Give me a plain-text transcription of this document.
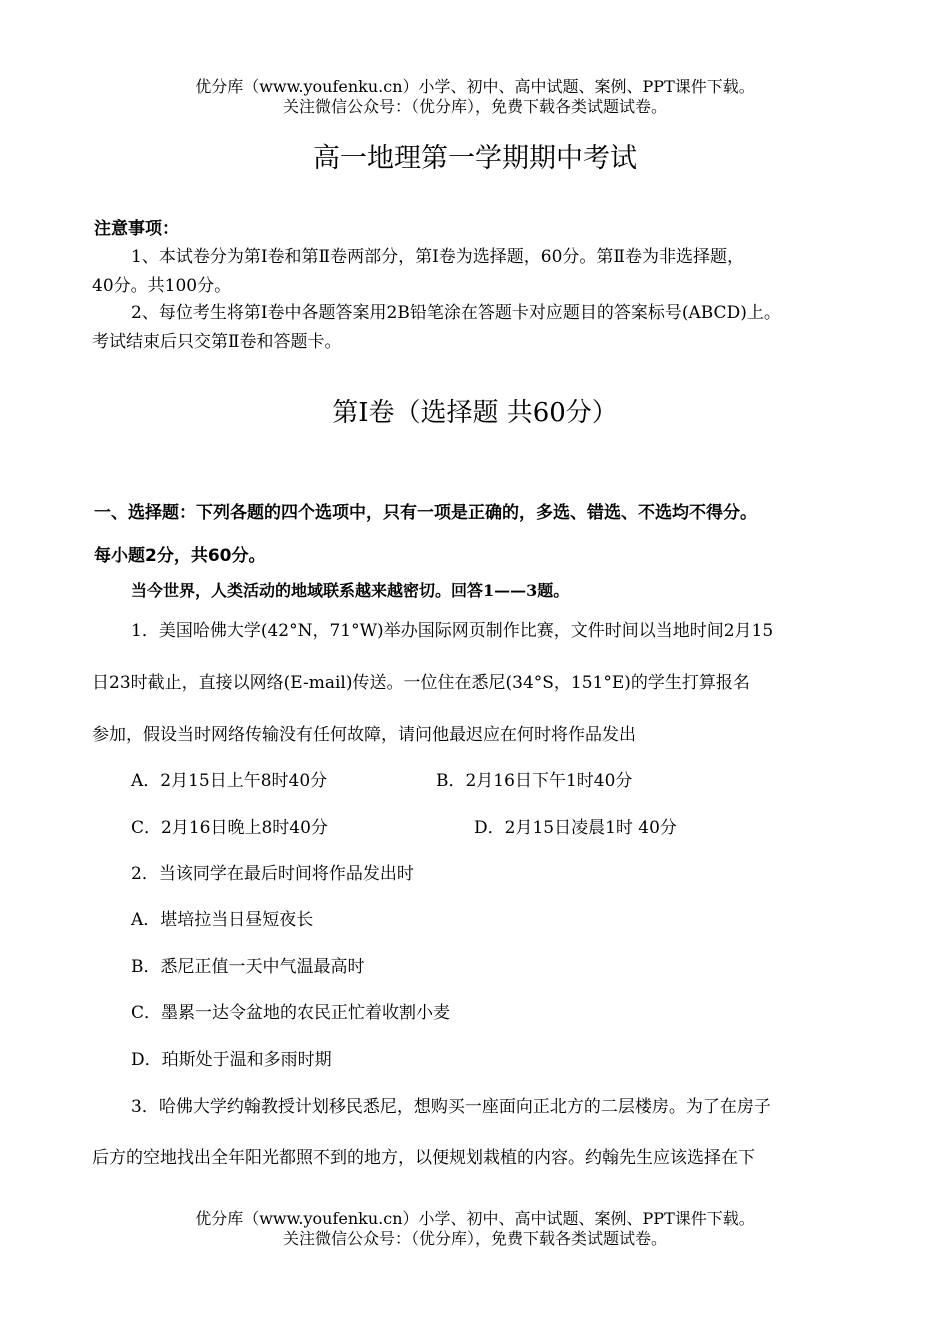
优分库（www.youfenku.cn）小学、初中、高中试题、案例、PPT课件下载。
关注微信公众号：（优分库），免费下载各类试题试卷。
高一地理第一学期期中考试
注意事项：
1、本试卷分为第Ⅰ卷和第Ⅱ卷两部分，第Ⅰ卷为选择题，60分。第Ⅱ卷为非选择题，
40分。共100分。
2、每位考生将第Ⅰ卷中各题答案用2B铅笔涂在答题卡对应题目的答案标号(ABCD)上。
考试结束后只交第Ⅱ卷和答题卡。
第Ⅰ卷（选择题 共60分）
一、选择题：下列各题的四个选项中，只有一项是正确的，多选、错选、不选均不得分。
每小题2分，共60分。
当今世界，人类活动的地域联系越来越密切。回答1——3题。
1．美国哈佛大学(42°N，71°W)举办国际网页制作比赛，文件时间以当地时间2月15
日23时截止，直接以网络(E-mail)传送。一位住在悉尼(34°S，151°E)的学生打算报名
参加，假设当时网络传输没有任何故障，请问他最迟应在何时将作品发出
A．2月15日上午8时40分	B．2月16日下午1时40分
C．2月16日晚上8时40分	D．2月15日凌晨1时 40分
2．当该同学在最后时间将作品发出时
A．堪培拉当日昼短夜长
B．悉尼正值一天中气温最高时
C．墨累一达令盆地的农民正忙着收割小麦
D．珀斯处于温和多雨时期
3．哈佛大学约翰教授计划移民悉尼，想购买一座面向正北方的二层楼房。为了在房子
后方的空地找出全年阳光都照不到的地方，以便规划栽植的内容。约翰先生应该选择在下
优分库（www.youfenku.cn）小学、初中、高中试题、案例、PPT课件下载。
关注微信公众号：（优分库），免费下载各类试题试卷。
